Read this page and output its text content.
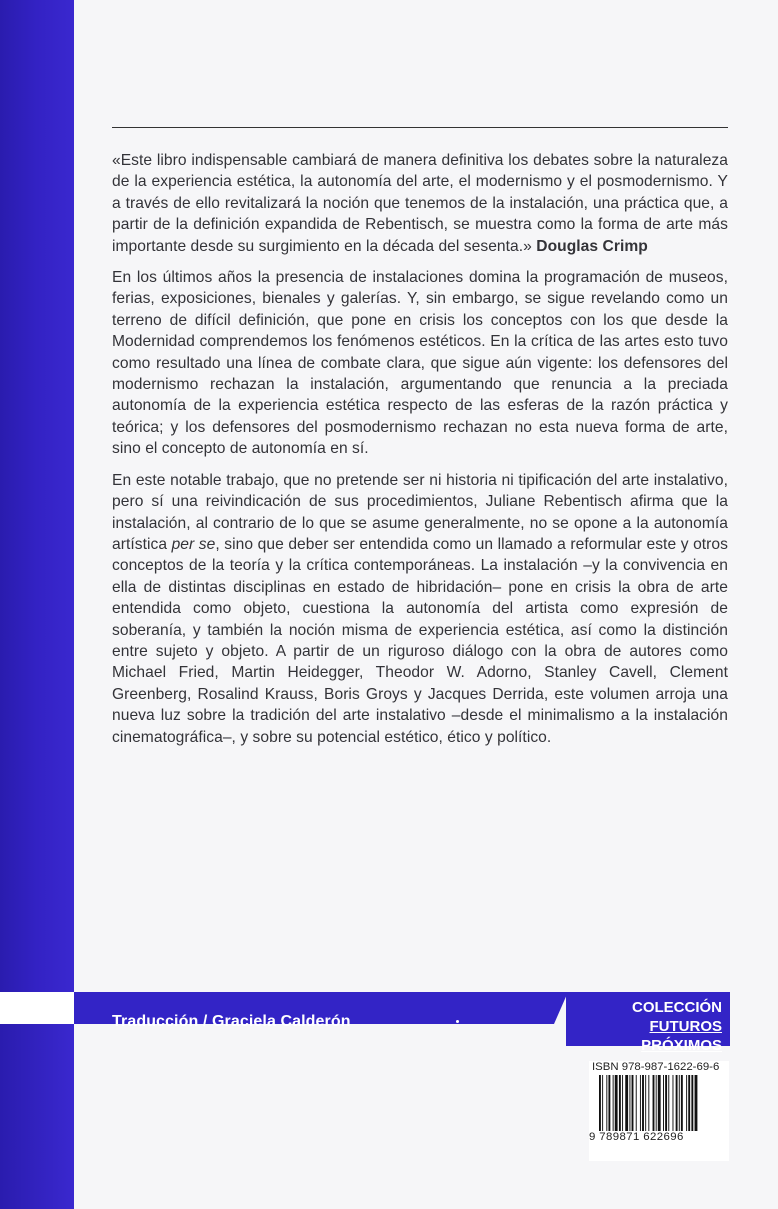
«Este libro indispensable cambiará de manera definitiva los debates sobre la naturaleza de la experiencia estética, la autonomía del arte, el modernismo y el posmodernismo. Y a través de ello revitalizará la noción que tenemos de la instalación, una práctica que, a partir de la definición expandida de Rebentisch, se muestra como la forma de arte más importante desde su surgimiento en la década del sesenta.» Douglas Crimp

En los últimos años la presencia de instalaciones domina la programación de museos, ferias, exposiciones, bienales y galerías. Y, sin embargo, se sigue revelando como un terreno de difícil definición, que pone en crisis los conceptos con los que desde la Modernidad comprendemos los fenómenos estéticos. En la crítica de las artes esto tuvo como resultado una línea de combate clara, que sigue aún vigente: los defensores del modernismo rechazan la instalación, argumentando que renuncia a la preciada autonomía de la experiencia estética respecto de las esferas de la razón práctica y teórica; y los defensores del posmodernismo rechazan no esta nueva forma de arte, sino el concepto de autonomía en sí.

En este notable trabajo, que no pretende ser ni historia ni tipificación del arte instalativo, pero sí una reivindicación de sus procedimientos, Juliane Rebentisch afirma que la instalación, al contrario de lo que se asume generalmente, no se opone a la autonomía artística per se, sino que deber ser entendida como un llamado a reformular este y otros conceptos de la teoría y la crítica contemporáneas. La instalación –y la convivencia en ella de distintas disciplinas en estado de hibridación– pone en crisis la obra de arte entendida como objeto, cuestiona la autonomía del artista como expresión de soberanía, y también la noción misma de experiencia estética, así como la distinción entre sujeto y objeto. A partir de un riguroso diálogo con la obra de autores como Michael Fried, Martin Heidegger, Theodor W. Adorno, Stanley Cavell, Clement Greenberg, Rosalind Krauss, Boris Groys y Jacques Derrida, este volumen arroja una nueva luz sobre la tradición del arte instalativo –desde el minimalismo a la instalación cinematográfica–, y sobre su potencial estético, ético y político.

Traducción / Graciela Calderón
COLECCIÓN
FUTUROS PRÓXIMOS
ISBN 978-987-1622-69-6
9 789871 622696
